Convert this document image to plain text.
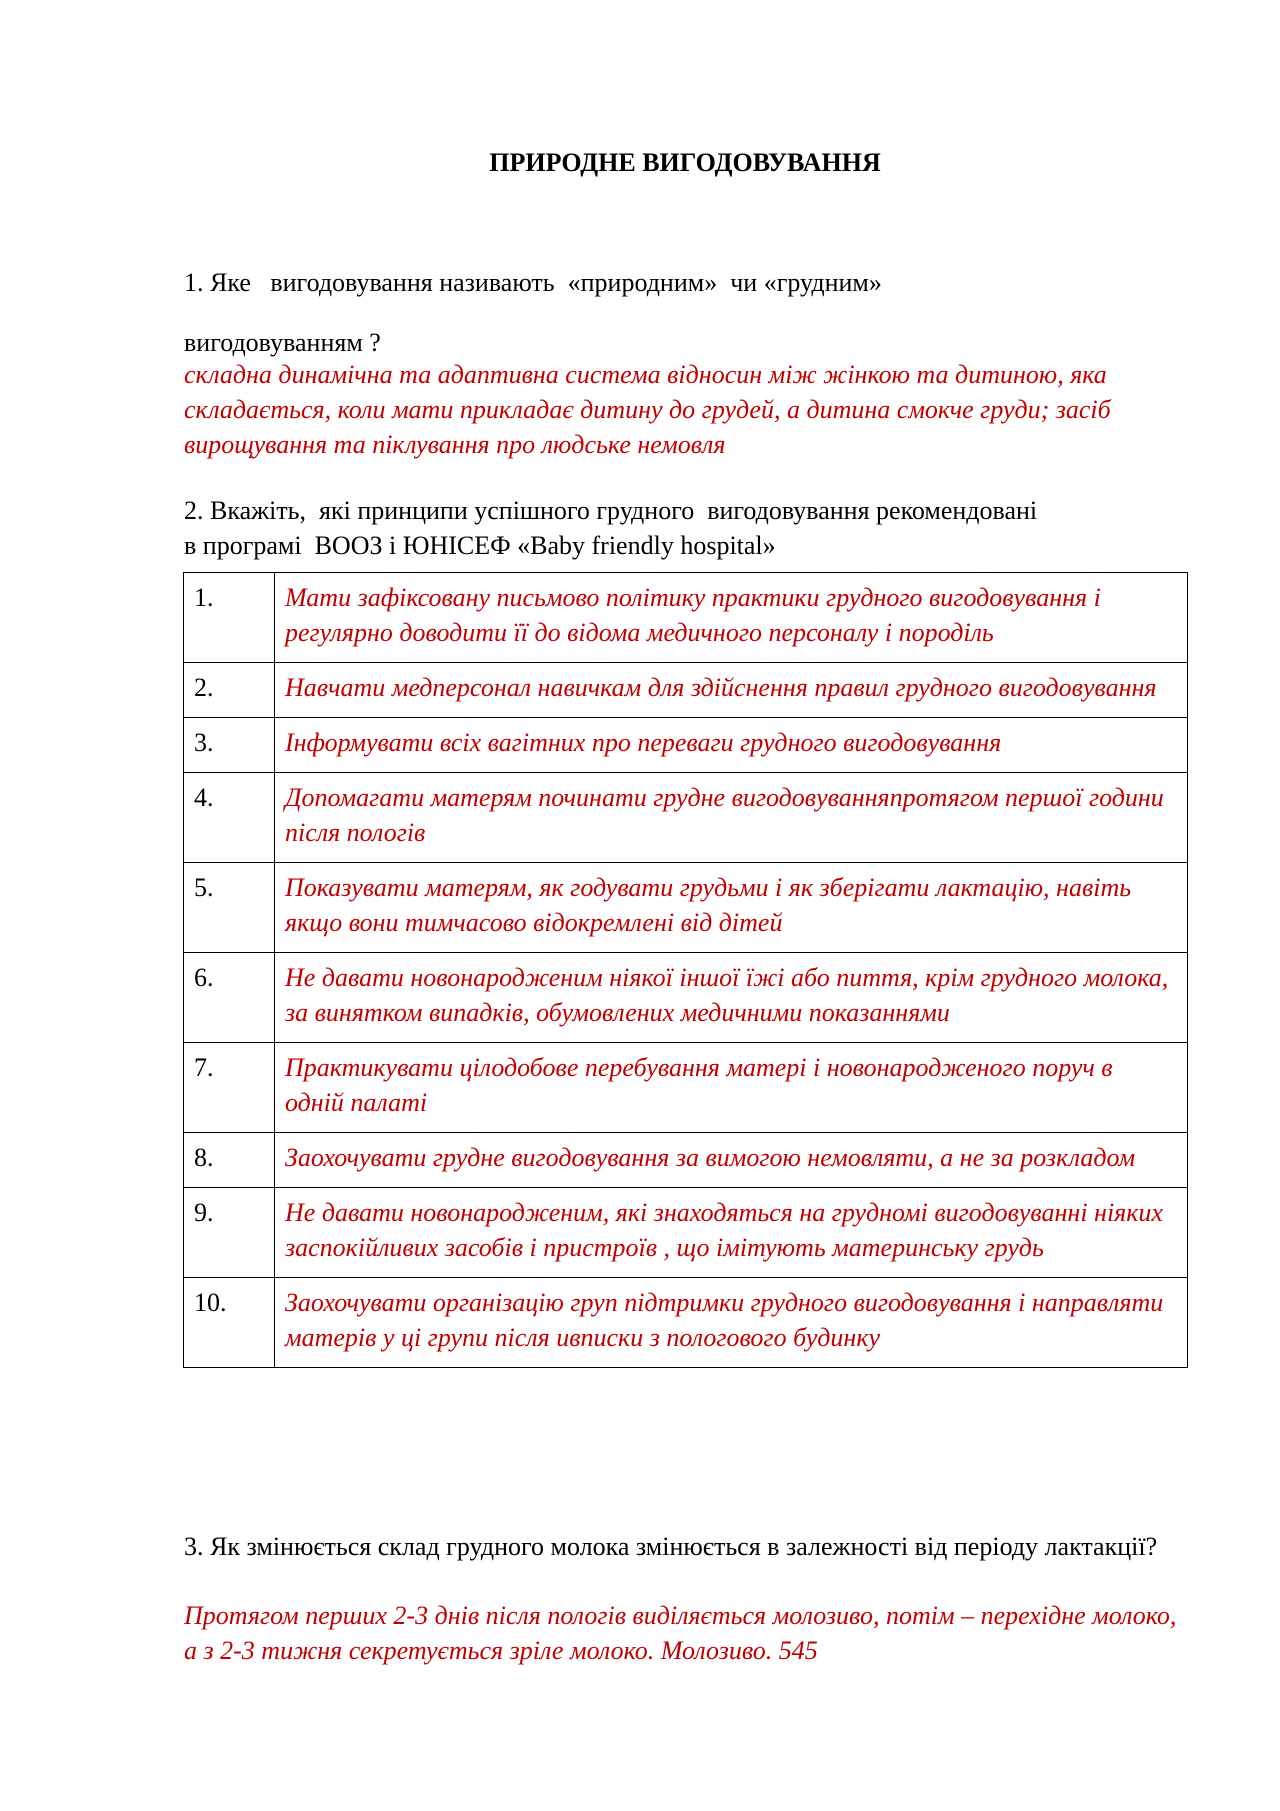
ПРИРОДНЕ ВИГОДОВУВАННЯ
1. Яке   вигодовування називають  «природним»  чи «грудним»
вигодовуванням ?
складна динамічна та адаптивна система відносин між жінкою та дитиною, яка складається, коли мати прикладає дитину до грудей, а дитина смокче груди; засіб вирощування та піклування про людське немовля
2. Вкажіть,  які принципи успішного грудного  вигодовування рекомендовані
в програмі  ВООЗ і ЮНІСЕФ «Baby friendly hospital»
1.	Мати зафіксовану письмово політику практики грудного вигодовування і регулярно доводити її до відома медичного персоналу і породіль
2.	Навчати медперсонал навичкам для здійснення правил грудного вигодовування
3.	Інформувати всіх вагітних про переваги грудного вигодовування
4.	Допомагати матерям починати грудне вигодовуванняпротягом першої години після пологів
5.	Показувати матерям, як годувати грудьми і як зберігати лактацію, навіть якщо вони тимчасово відокремлені від дітей
6.	Не давати новонародженим ніякої іншої їжі або пиття, крім грудного молока, за винятком випадків, обумовлених медичними показаннями
7.	Практикувати цілодобове перебування матері і новонародженого поруч в одній палаті
8.	Заохочувати грудне вигодовування за вимогою немовляти, а не за розкладом
9.	Не давати новонародженим, які знаходяться на грудномі вигодовуванні ніяких заспокійливих засобів і пристроїв , що імітують материнську грудь
10.	Заохочувати організацію груп підтримки грудного вигодовування і направляти матерів у ці групи після ивписки з пологового будинку
3. Як змінюється склад грудного молока змінюється в залежності від періоду лактакції?
Протягом перших 2-3 днів після пологів виділяється молозиво, потім – перехідне молоко, а з 2-3 тижня секретується зріле молоко. Молозиво. 545
